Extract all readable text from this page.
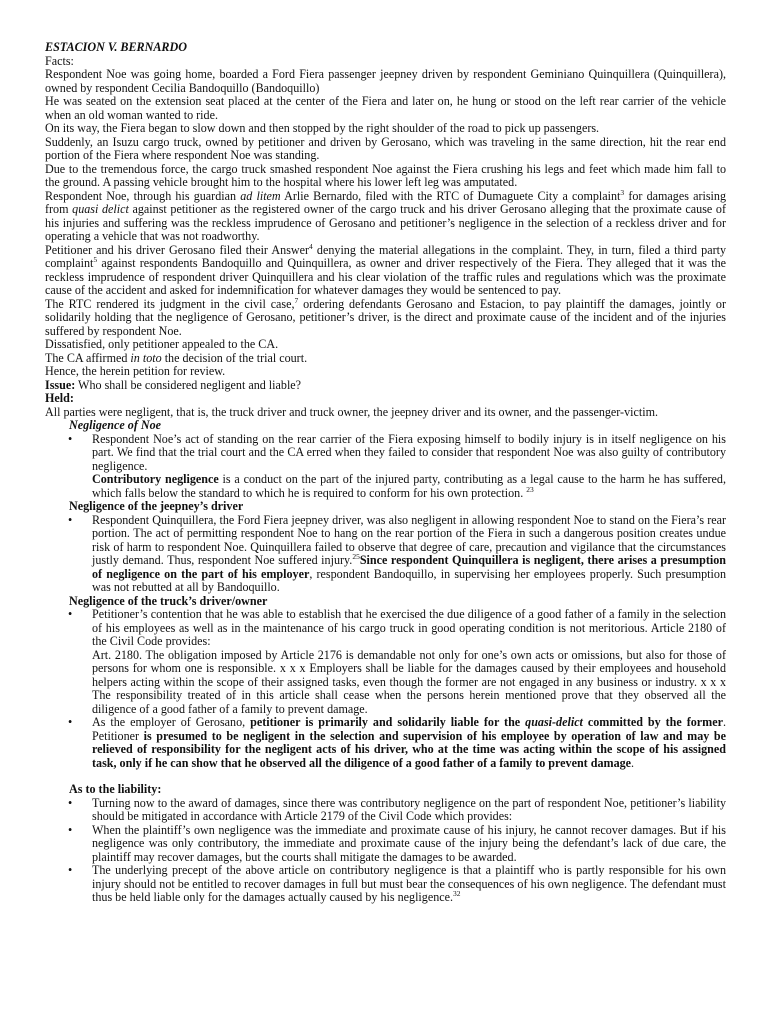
ESTACION V. BERNARDO

Facts:

Respondent Noe was going home, boarded a Ford Fiera passenger jeepney driven by respondent Geminiano Quinquillera (Quinquillera), owned by respondent Cecilia Bandoquillo (Bandoquillo)

He was seated on the extension seat placed at the center of the Fiera and later on, he hung or stood on the left rear carrier of the vehicle when an old woman wanted to ride.

On its way, the Fiera began to slow down and then stopped by the right shoulder of the road to pick up passengers.

Suddenly, an Isuzu cargo truck, owned by petitioner and driven by Gerosano, which was traveling in the same direction, hit the rear end portion of the Fiera where respondent Noe was standing.

Due to the tremendous force, the cargo truck smashed respondent Noe against the Fiera crushing his legs and feet which made him fall to the ground. A passing vehicle brought him to the hospital where his lower left leg was amputated.

Respondent Noe, through his guardian ad litem Arlie Bernardo, filed with the RTC of Dumaguete City a complaint$^3$ for damages arising from quasi delict against petitioner as the registered owner of the cargo truck and his driver Gerosano alleging that the proximate cause of his injuries and suffering was the reckless imprudence of Gerosano and petitioner’s negligence in the selection of a reckless driver and for operating a vehicle that was not roadworthy.

Petitioner and his driver Gerosano filed their Answer$^4$ denying the material allegations in the complaint. They, in turn, filed a third party complaint$^5$ against respondents Bandoquillo and Quinquillera, as owner and driver respectively of the Fiera. They alleged that it was the reckless imprudence of respondent driver Quinquillera and his clear violation of the traffic rules and regulations which was the proximate cause of the accident and asked for indemnification for whatever damages they would be sentenced to pay.

The RTC rendered its judgment in the civil case,$^7$ ordering defendants Gerosano and Estacion, to pay plaintiff the damages, jointly or solidarily holding that the negligence of Gerosano, petitioner’s driver, is the direct and proximate cause of the incident and of the injuries suffered by respondent Noe.

Dissatisfied, only petitioner appealed to the CA.

The CA affirmed in toto the decision of the trial court.

Hence, the herein petition for review.

Issue: Who shall be considered negligent and liable?

Held:

All parties were negligent, that is, the truck driver and truck owner, the jeepney driver and its owner, and the passenger-victim.

Negligence of Noe

• Respondent Noe’s act of standing on the rear carrier of the Fiera exposing himself to bodily injury is in itself negligence on his part. We find that the trial court and the CA erred when they failed to consider that respondent Noe was also guilty of contributory negligence.

Contributory negligence is a conduct on the part of the injured party, contributing as a legal cause to the harm he has suffered, which falls below the standard to which he is required to conform for his own protection. $^{23}$

Negligence of the jeepney’s driver

• Respondent Quinquillera, the Ford Fiera jeepney driver, was also negligent in allowing respondent Noe to stand on the Fiera’s rear portion. The act of permitting respondent Noe to hang on the rear portion of the Fiera in such a dangerous position creates undue risk of harm to respondent Noe. Quinquillera failed to observe that degree of care, precaution and vigilance that the circumstances justly demand. Thus, respondent Noe suffered injury.$^{25}$Since respondent Quinquillera is negligent, there arises a presumption of negligence on the part of his employer, respondent Bandoquillo, in supervising her employees properly. Such presumption was not rebutted at all by Bandoquillo.

Negligence of the truck’s driver/owner

• Petitioner’s contention that he was able to establish that he exercised the due diligence of a good father of a family in the selection of his employees as well as in the maintenance of his cargo truck in good operating condition is not meritorious. Article 2180 of the Civil Code provides:
Art. 2180. The obligation imposed by Article 2176 is demandable not only for one’s own acts or omissions, but also for those of persons for whom one is responsible. x x x Employers shall be liable for the damages caused by their employees and household helpers acting within the scope of their assigned tasks, even though the former are not engaged in any business or industry. x x x The responsibility treated of in this article shall cease when the persons herein mentioned prove that they observed all the diligence of a good father of a family to prevent damage.
• As the employer of Gerosano, petitioner is primarily and solidarily liable for the quasi-delict committed by the former. Petitioner is presumed to be negligent in the selection and supervision of his employee by operation of law and may be relieved of responsibility for the negligent acts of his driver, who at the time was acting within the scope of his assigned task, only if he can show that he observed all the diligence of a good father of a family to prevent damage.

As to the liability:

• Turning now to the award of damages, since there was contributory negligence on the part of respondent Noe, petitioner’s liability should be mitigated in accordance with Article 2179 of the Civil Code which provides:
• When the plaintiff’s own negligence was the immediate and proximate cause of his injury, he cannot recover damages. But if his negligence was only contributory, the immediate and proximate cause of the injury being the defendant’s lack of due care, the plaintiff may recover damages, but the courts shall mitigate the damages to be awarded.
• The underlying precept of the above article on contributory negligence is that a plaintiff who is partly responsible for his own injury should not be entitled to recover damages in full but must bear the consequences of his own negligence. The defendant must thus be held liable only for the damages actually caused by his negligence.$^{32}$
